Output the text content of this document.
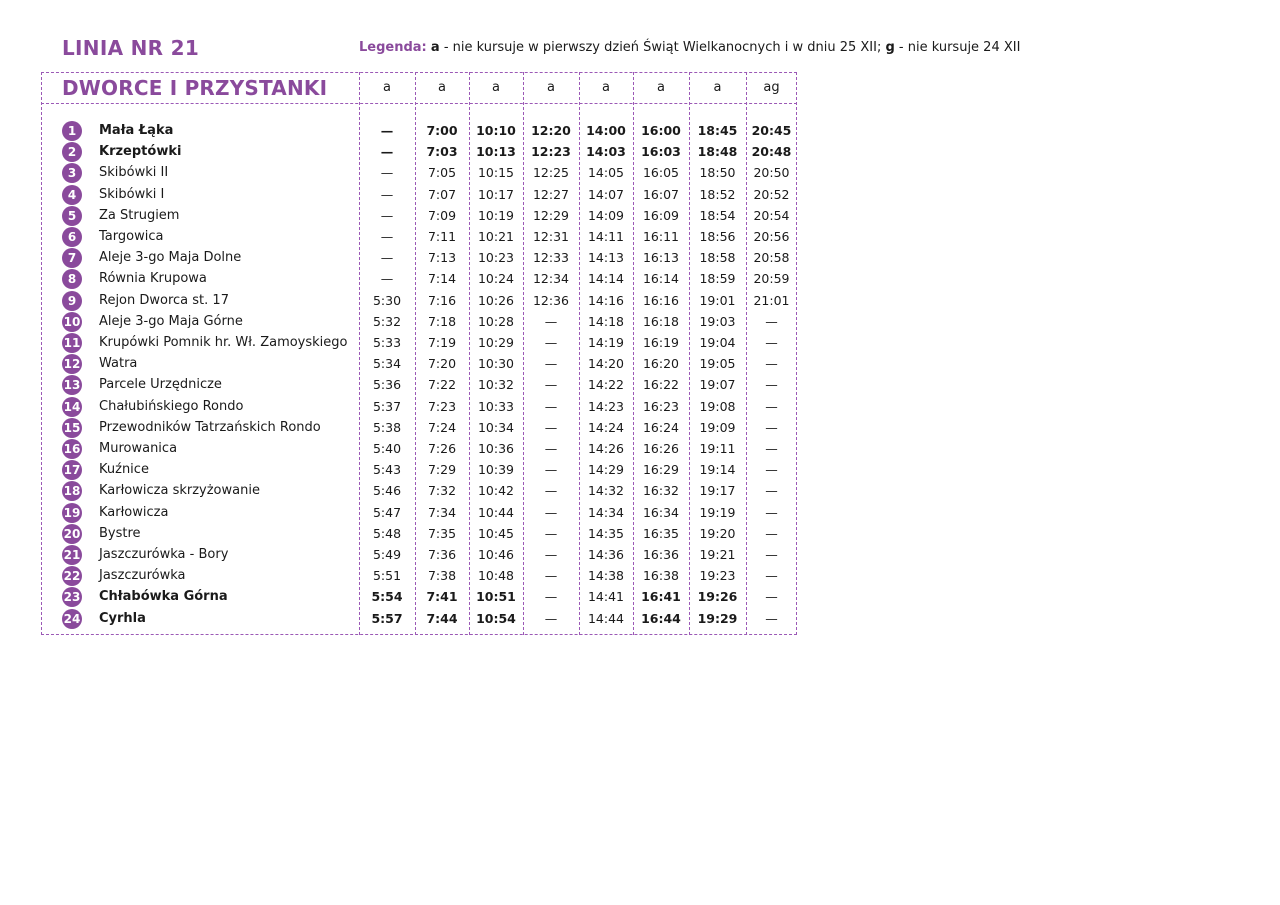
LINIA NR 21	Legenda: a - nie kursuje w pierwszy dzień Świąt Wielkanocnych i w dniu 25 XII; g - nie kursuje 24 XII
DWORCE I PRZYSTANKI	a	a	a	a	a	a	a	ag
1	Mała Łąka	—	7:00	10:10	12:20	14:00	16:00	18:45	20:45
2	Krzeptówki	—	7:03	10:13	12:23	14:03	16:03	18:48	20:48
3	Skibówki II	—	7:05	10:15	12:25	14:05	16:05	18:50	20:50
4	Skibówki I	—	7:07	10:17	12:27	14:07	16:07	18:52	20:52
5	Za Strugiem	—	7:09	10:19	12:29	14:09	16:09	18:54	20:54
6	Targowica	—	7:11	10:21	12:31	14:11	16:11	18:56	20:56
7	Aleje 3-go Maja Dolne	—	7:13	10:23	12:33	14:13	16:13	18:58	20:58
8	Równia Krupowa	—	7:14	10:24	12:34	14:14	16:14	18:59	20:59
9	Rejon Dworca st. 17	5:30	7:16	10:26	12:36	14:16	16:16	19:01	21:01
10 Aleje 3-go Maja Górne	5:32	7:18	10:28	—	14:18	16:18	19:03	—
11 Krupówki Pomnik hr. Wł. Zamoyskiego	5:33	7:19	10:29	—	14:19	16:19	19:04	—
12 Watra	5:34	7:20	10:30	—	14:20	16:20	19:05	—
13 Parcele Urzędnicze	5:36	7:22	10:32	—	14:22	16:22	19:07	—
14 Chałubińskiego Rondo	5:37	7:23	10:33	—	14:23	16:23	19:08	—
15 Przewodników Tatrzańskich Rondo	5:38	7:24	10:34	—	14:24	16:24	19:09	—
16 Murowanica	5:40	7:26	10:36	—	14:26	16:26	19:11	—
17 Kuźnice	5:43	7:29	10:39	—	14:29	16:29	19:14	—
18 Karłowicza skrzyżowanie	5:46	7:32	10:42	—	14:32	16:32	19:17	—
19 Karłowicza	5:47	7:34	10:44	—	14:34	16:34	19:19	—
20 Bystre	5:48	7:35	10:45	—	14:35	16:35	19:20	—
21 Jaszczurówka - Bory	5:49	7:36	10:46	—	14:36	16:36	19:21	—
22 Jaszczurówka	5:51	7:38	10:48	—	14:38	16:38	19:23	—
23 Chłabówka Górna	5:54	7:41	10:51	—	14:41	16:41	19:26	—
24 Cyrhla	5:57	7:44	10:54	—	14:44	16:44	19:29	—
